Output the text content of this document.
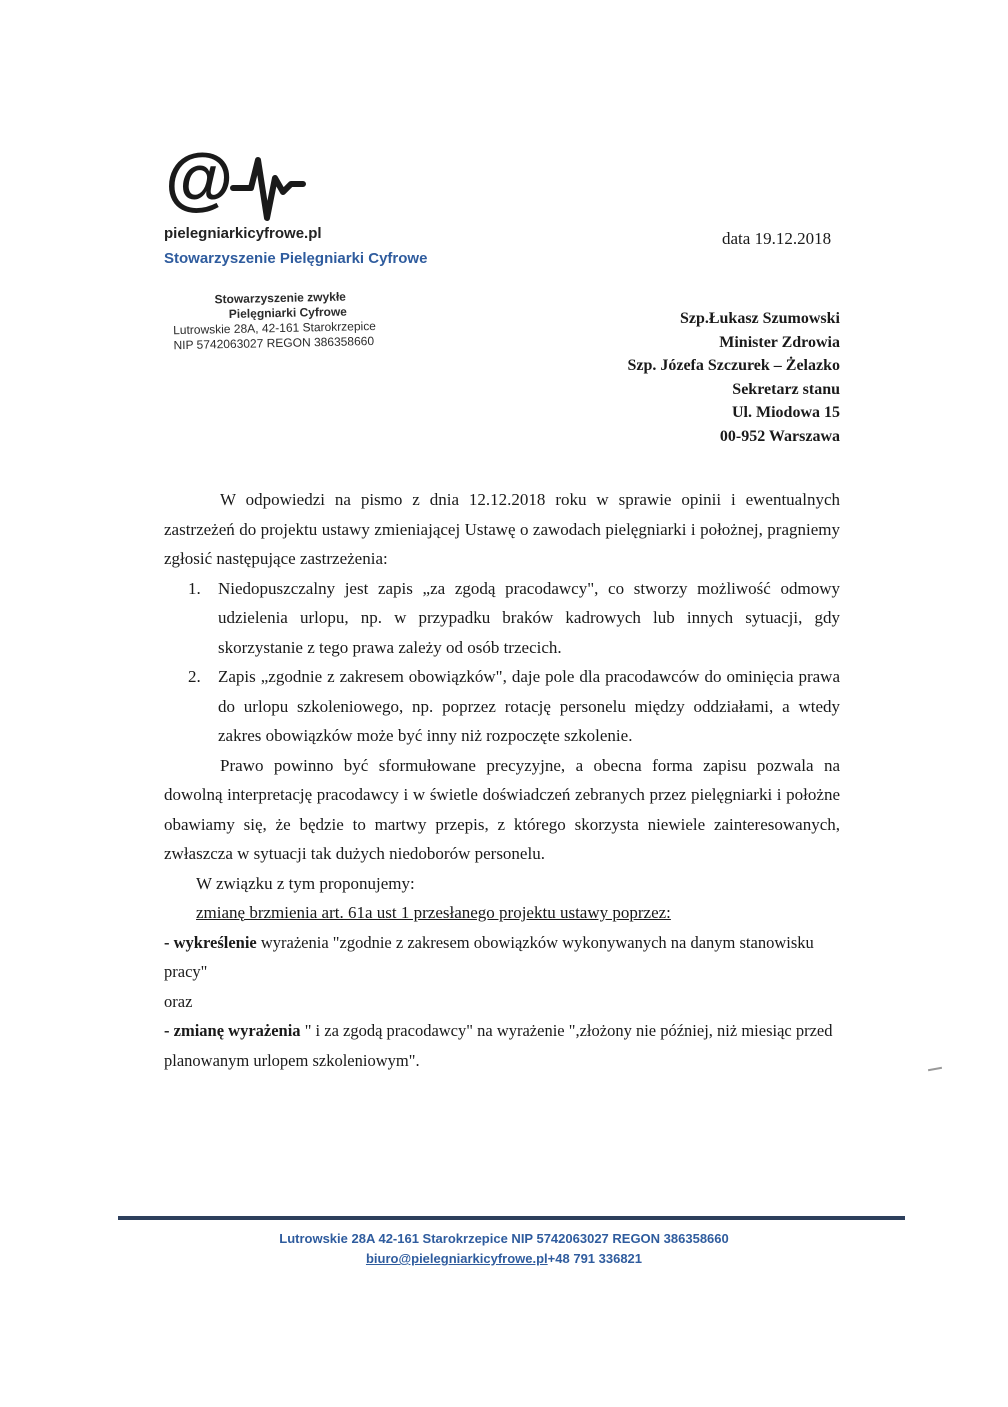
@
pielegniarkicyfrowe.pl
Stowarzyszenie Pielęgniarki Cyfrowe
Stowarzyszenie zwykłe
Pielęgniarki Cyfrowe
Lutrowskie 28A, 42-161 Starokrzepice
NIP 5742063027 REGON 386358660
data 19.12.2018
Szp.Łukasz Szumowski
Minister Zdrowia
Szp. Józefa Szczurek – Żelazko
Sekretarz stanu
Ul. Miodowa 15
00-952 Warszawa

W odpowiedzi na pismo z dnia 12.12.2018 roku w sprawie opinii i ewentualnych zastrzeżeń do projektu ustawy zmieniającej Ustawę o zawodach pielęgniarki i położnej, pragniemy zgłosić następujące zastrzeżenia:

1. Niedopuszczalny jest zapis „za zgodą pracodawcy", co stworzy możliwość odmowy udzielenia urlopu, np. w przypadku braków kadrowych lub innych sytuacji, gdy skorzystanie z tego prawa zależy od osób trzecich.
2. Zapis „zgodnie z zakresem obowiązków", daje pole dla pracodawców do ominięcia prawa do urlopu szkoleniowego, np. poprzez rotację personelu między oddziałami, a wtedy zakres obowiązków może być inny niż rozpoczęte szkolenie.

Prawo powinno być sformułowane precyzyjne, a obecna forma zapisu pozwala na dowolną interpretację pracodawcy i w świetle doświadczeń zebranych przez pielęgniarki i położne obawiamy się, że będzie to martwy przepis, z którego skorzysta niewiele zainteresowanych, zwłaszcza w sytuacji tak dużych niedoborów personelu.

W związku z tym proponujemy:

zmianę brzmienia art. 61a ust 1 przesłanego projektu ustawy poprzez:

- wykreślenie wyrażenia "zgodnie z zakresem obowiązków wykonywanych na danym stanowisku pracy"

oraz

- zmianę wyrażenia " i za zgodą pracodawcy" na wyrażenie ",złożony nie później, niż miesiąc przed planowanym urlopem szkoleniowym".

Lutrowskie 28A 42-161 Starokrzepice NIP 5742063027 REGON 386358660
biuro@pielegniarkicyfrowe.pl+48 791 336821
